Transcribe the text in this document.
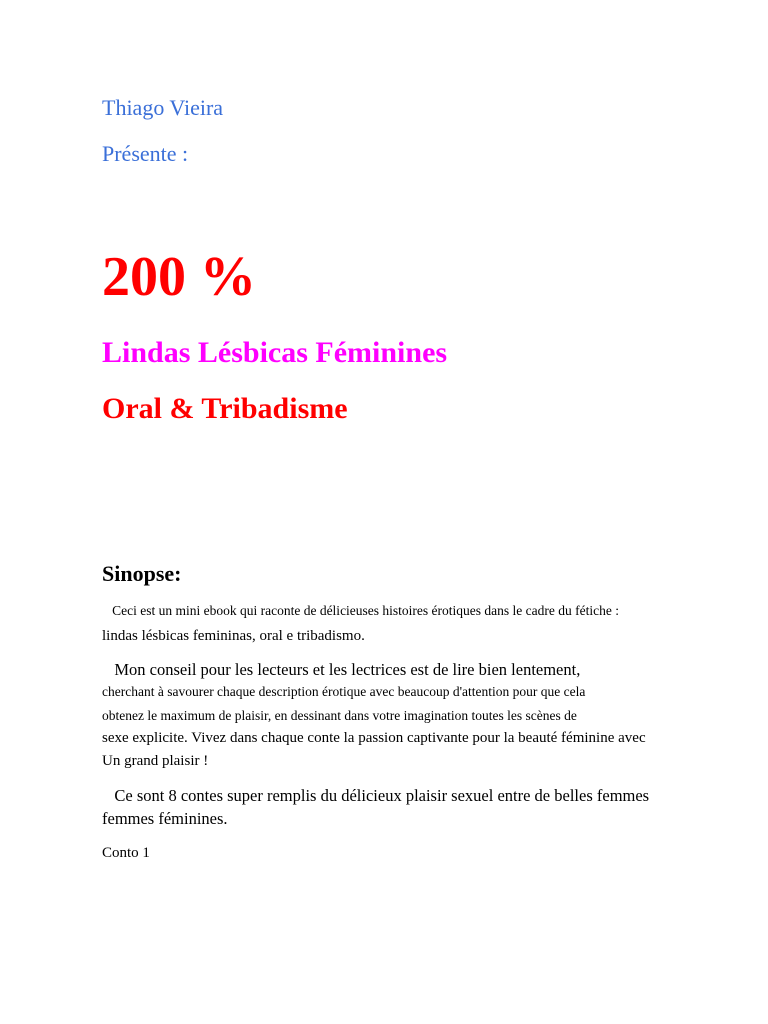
Thiago Vieira
Présente :
200 %
Lindas Lésbicas Féminines
Oral & Tribadisme
Sinopse:
Ceci est un mini ebook qui raconte de délicieuses histoires érotiques dans le cadre du fétiche :
lindas lésbicas femininas, oral e tribadismo.
Mon conseil pour les lecteurs et les lectrices est de lire bien lentement,
cherchant à savourer chaque description érotique avec beaucoup d'attention pour que cela
obtenez le maximum de plaisir, en dessinant dans votre imagination toutes les scènes de
sexe explicite. Vivez dans chaque conte la passion captivante pour la beauté féminine avec
Un grand plaisir !
Ce sont 8 contes super remplis du délicieux plaisir sexuel entre de belles femmes
femmes féminines.
Conto 1
